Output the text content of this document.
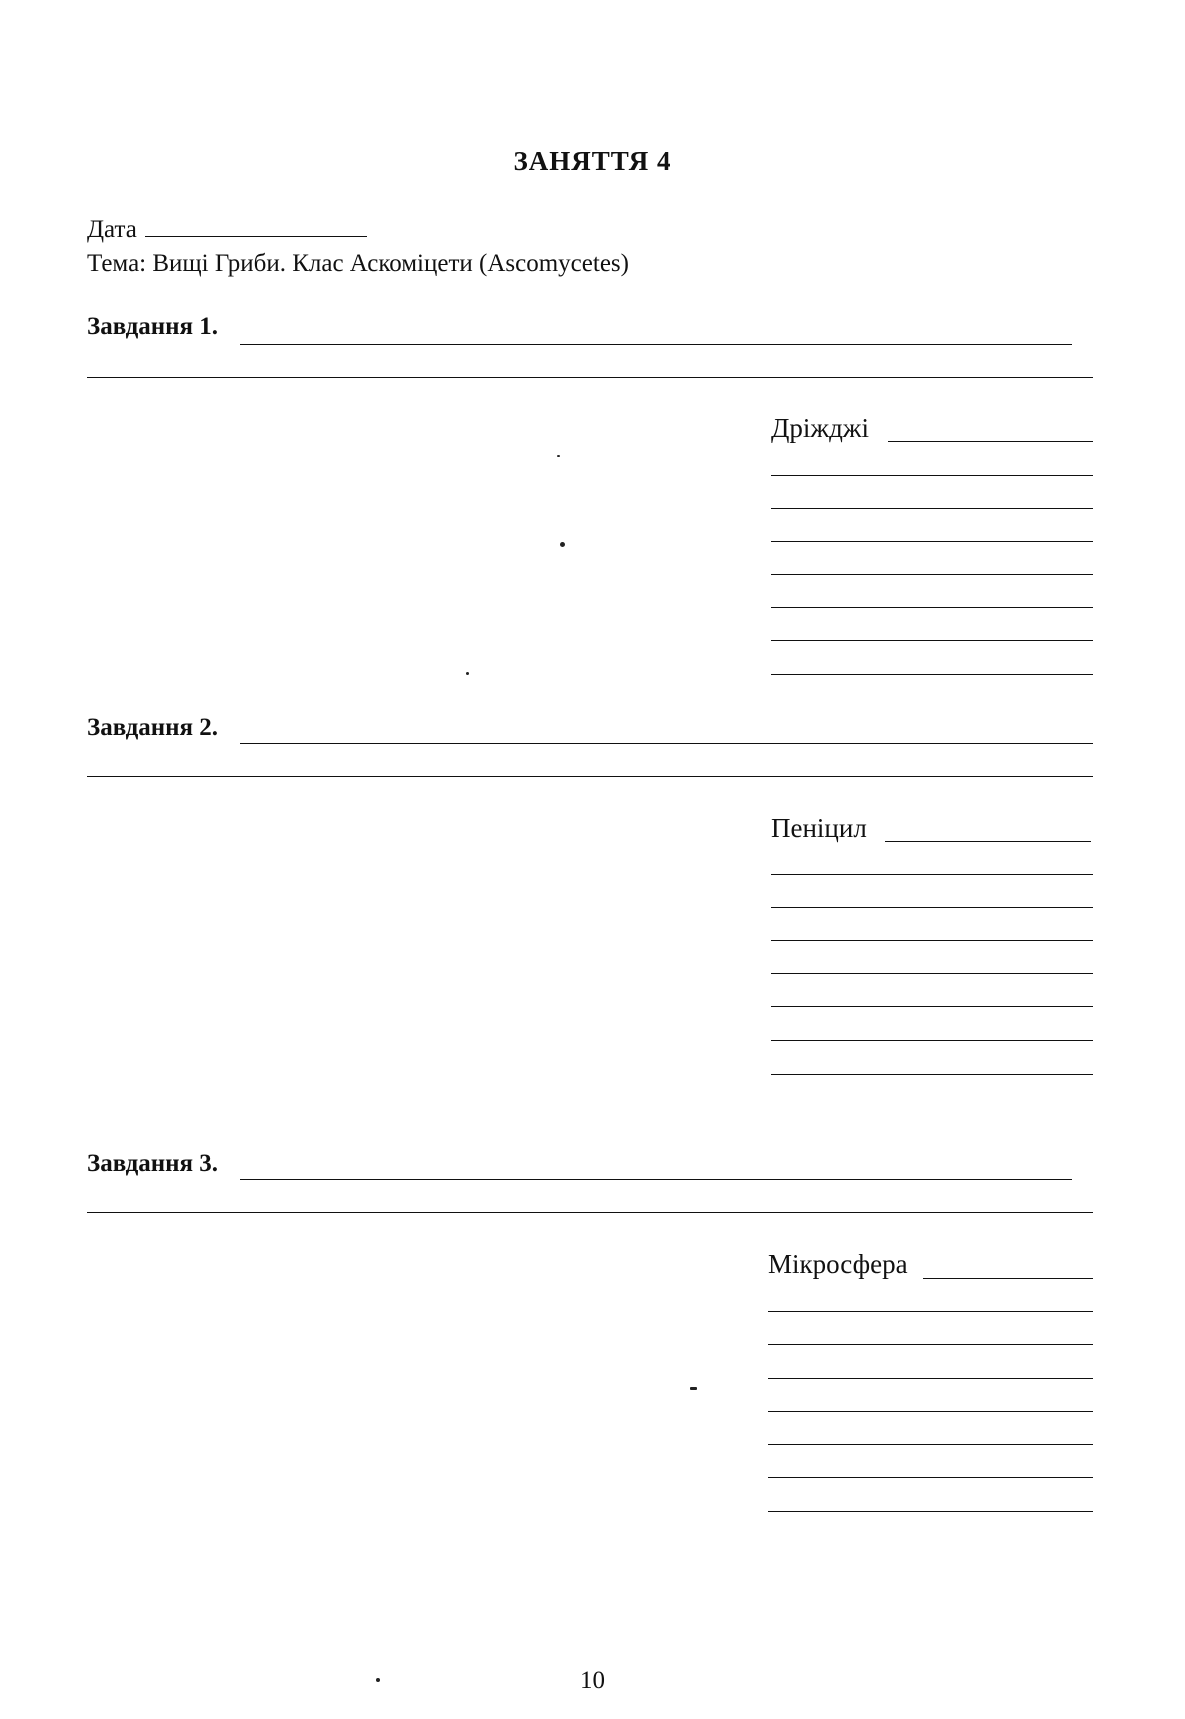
ЗАНЯТТЯ 4
Дата
Тема: Вищі Гриби. Клас Аскоміцети (Ascomycetes)
Завдання 1.
Дріжджі
Завдання 2.
Пеніцил
Завдання 3.
Мікросфера
10
